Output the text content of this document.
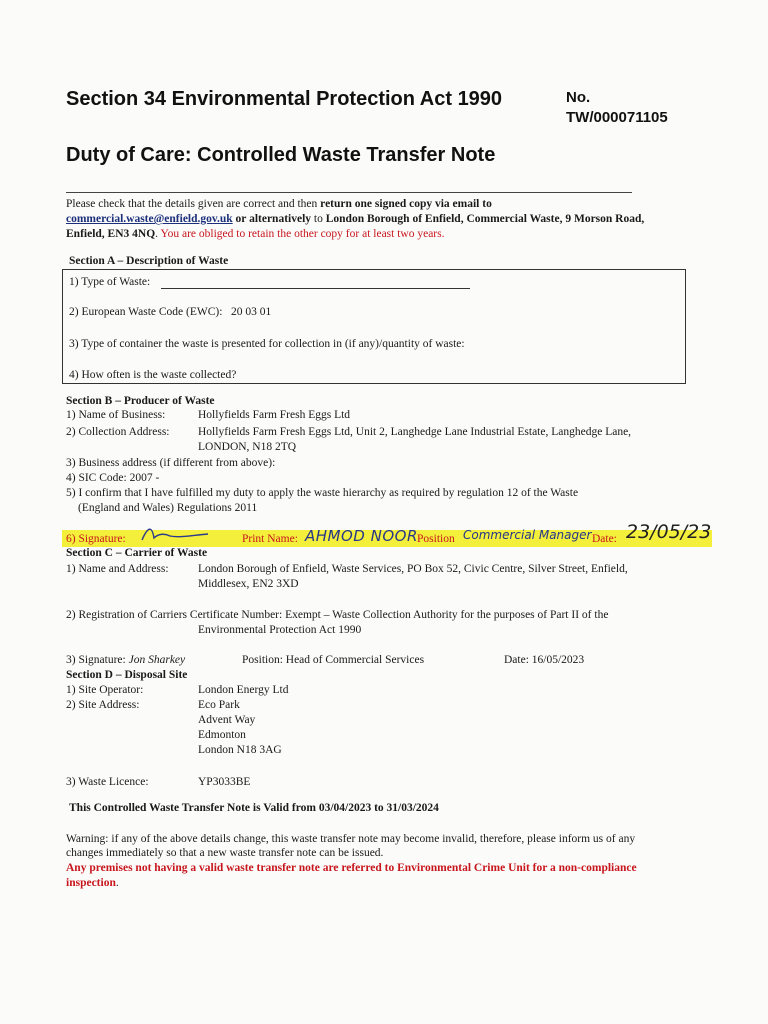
Section 34 Environmental Protection Act 1990	No.
TW/000071105
Duty of Care: Controlled Waste Transfer Note
Please check that the details given are correct and then return one signed copy via email to
commercial.waste@enfield.gov.uk or alternatively to London Borough of Enfield, Commercial Waste, 9 Morson Road,
Enfield, EN3 4NQ. You are obliged to retain the other copy for at least two years.
Section A – Description of Waste
1) Type of Waste:
2) European Waste Code (EWC): 20 03 01
3) Type of container the waste is presented for collection in (if any)/quantity of waste:
4) How often is the waste collected?
Section B – Producer of Waste
1) Name of Business:	Hollyfields Farm Fresh Eggs Ltd
2) Collection Address: Hollyfields Farm Fresh Eggs Ltd, Unit 2, Langhedge Lane Industrial Estate, Langhedge Lane,
LONDON, N18 2TQ
3) Business address (if different from above):
4) SIC Code: 2007 -
5) I confirm that I have fulfilled my duty to apply the waste hierarchy as required by regulation 12 of the Waste
(England and Wales) Regulations 2011
6) Signature:	Print Name: AHMOD NOOR Position Commercial Manager Date: 23/05/23
Section C – Carrier of Waste
1) Name and Address:	London Borough of Enfield, Waste Services, PO Box 52, Civic Centre, Silver Street, Enfield,
Middlesex, EN2 3XD
2) Registration of Carriers Certificate Number: Exempt – Waste Collection Authority for the purposes of Part II of the
Environmental Protection Act 1990
3) Signature: Jon Sharkey	Position: Head of Commercial Services	Date: 16/05/2023
Section D – Disposal Site
1) Site Operator:	London Energy Ltd
2) Site Address:	Eco Park
Advent Way
Edmonton
London N18 3AG
3) Waste Licence:	YP3033BE
This Controlled Waste Transfer Note is Valid from 03/04/2023 to 31/03/2024
Warning: if any of the above details change, this waste transfer note may become invalid, therefore, please inform us of any
changes immediately so that a new waste transfer note can be issued.
Any premises not having a valid waste transfer note are referred to Environmental Crime Unit for a non-compliance
inspection.
